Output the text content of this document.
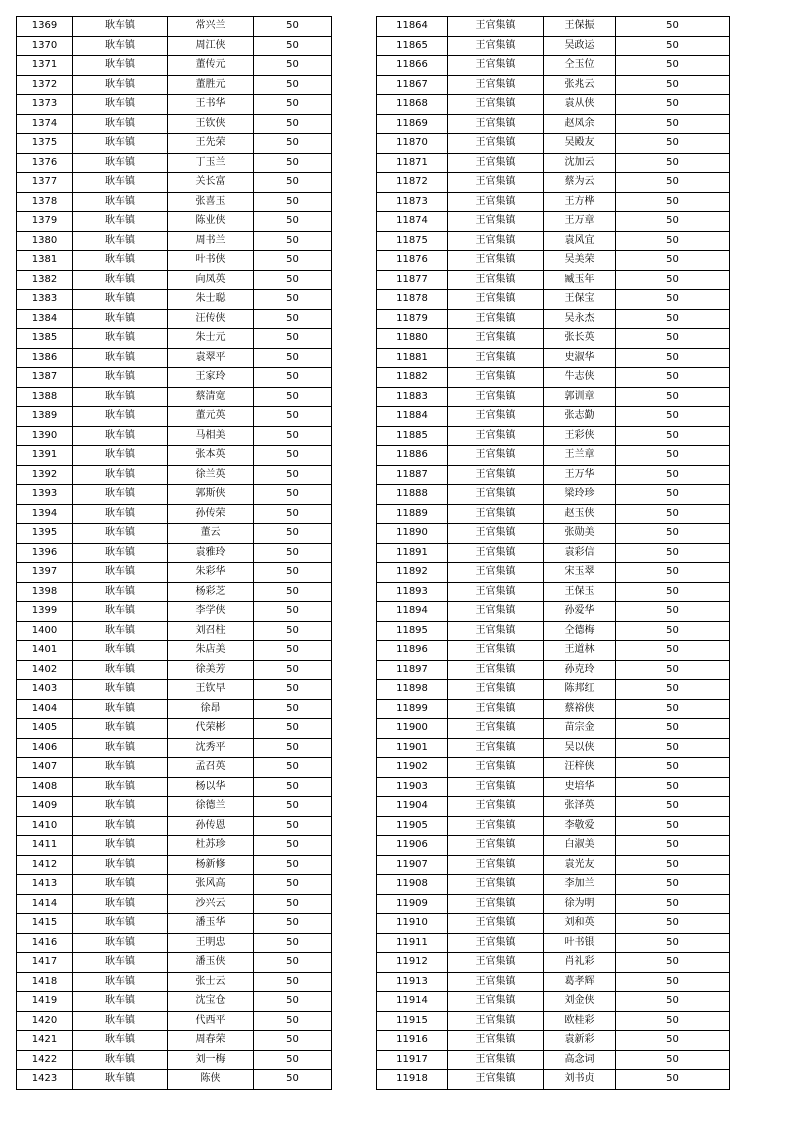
1369	耿车镇	常兴兰	50
1370	耿车镇	周江侠	50
1371	耿车镇	董传元	50
1372	耿车镇	董胜元	50
1373	耿车镇	王书华	50
1374	耿车镇	王钦侠	50
1375	耿车镇	王先荣	50
1376	耿车镇	丁玉兰	50
1377	耿车镇	关长富	50
1378	耿车镇	张喜玉	50
1379	耿车镇	陈业侠	50
1380	耿车镇	周书兰	50
1381	耿车镇	叶书侠	50
1382	耿车镇	向凤英	50
1383	耿车镇	朱士聪	50
1384	耿车镇	汪传侠	50
1385	耿车镇	朱士元	50
1386	耿车镇	袁翠平	50
1387	耿车镇	王家玲	50
1388	耿车镇	蔡清宽	50
1389	耿车镇	董元英	50
1390	耿车镇	马相美	50
1391	耿车镇	张本英	50
1392	耿车镇	徐兰英	50
1393	耿车镇	郭斯侠	50
1394	耿车镇	孙传荣	50
1395	耿车镇	董云	50
1396	耿车镇	袁雅玲	50
1397	耿车镇	朱彩华	50
1398	耿车镇	杨彩芝	50
1399	耿车镇	李学侠	50
1400	耿车镇	刘召柱	50
1401	耿车镇	朱店美	50
1402	耿车镇	徐美芳	50
1403	耿车镇	王钦早	50
1404	耿车镇	徐昂	50
1405	耿车镇	代荣彬	50
1406	耿车镇	沈秀平	50
1407	耿车镇	孟召英	50
1408	耿车镇	杨以华	50
1409	耿车镇	徐德兰	50
1410	耿车镇	孙传恩	50
1411	耿车镇	杜苏珍	50
1412	耿车镇	杨新修	50
1413	耿车镇	张风高	50
1414	耿车镇	沙兴云	50
1415	耿车镇	潘玉华	50
1416	耿车镇	王明忠	50
1417	耿车镇	潘玉侠	50
1418	耿车镇	张士云	50
1419	耿车镇	沈宝仓	50
1420	耿车镇	代西平	50
1421	耿车镇	周春荣	50
1422	耿车镇	刘一梅	50
1423	耿车镇	陈侠	50
11864	王官集镇	王保振	50
11865	王官集镇	吴政运	50
11866	王官集镇	仝玉位	50
11867	王官集镇	张兆云	50
11868	王官集镇	袁从侠	50
11869	王官集镇	赵凤余	50
11870	王官集镇	吴殿友	50
11871	王官集镇	沈加云	50
11872	王官集镇	蔡为云	50
11873	王官集镇	王方桦	50
11874	王官集镇	王万章	50
11875	王官集镇	袁风宜	50
11876	王官集镇	吴美荣	50
11877	王官集镇	臧玉年	50
11878	王官集镇	王保宝	50
11879	王官集镇	吴永杰	50
11880	王官集镇	张长英	50
11881	王官集镇	史淑华	50
11882	王官集镇	牛志侠	50
11883	王官集镇	郭训章	50
11884	王官集镇	张志勤	50
11885	王官集镇	王彩侠	50
11886	王官集镇	王兰章	50
11887	王官集镇	王万华	50
11888	王官集镇	梁玲珍	50
11889	王官集镇	赵玉侠	50
11890	王官集镇	张勋美	50
11891	王官集镇	袁彩信	50
11892	王官集镇	宋玉翠	50
11893	王官集镇	王保玉	50
11894	王官集镇	孙爱华	50
11895	王官集镇	仝德梅	50
11896	王官集镇	王道林	50
11897	王官集镇	孙克玲	50
11898	王官集镇	陈邦红	50
11899	王官集镇	蔡裕侠	50
11900	王官集镇	苗宗金	50
11901	王官集镇	吴以侠	50
11902	王官集镇	汪梓侠	50
11903	王官集镇	史培华	50
11904	王官集镇	张泽英	50
11905	王官集镇	李敬爱	50
11906	王官集镇	白淑美	50
11907	王官集镇	袁光友	50
11908	王官集镇	李加兰	50
11909	王官集镇	徐为明	50
11910	王官集镇	刘和英	50
11911	王官集镇	叶书银	50
11912	王官集镇	肖礼彩	50
11913	王官集镇	葛孝辉	50
11914	王官集镇	刘金侠	50
11915	王官集镇	欧桂彩	50
11916	王官集镇	袁新彩	50
11917	王官集镇	高念词	50
11918	王官集镇	刘书贞	50
